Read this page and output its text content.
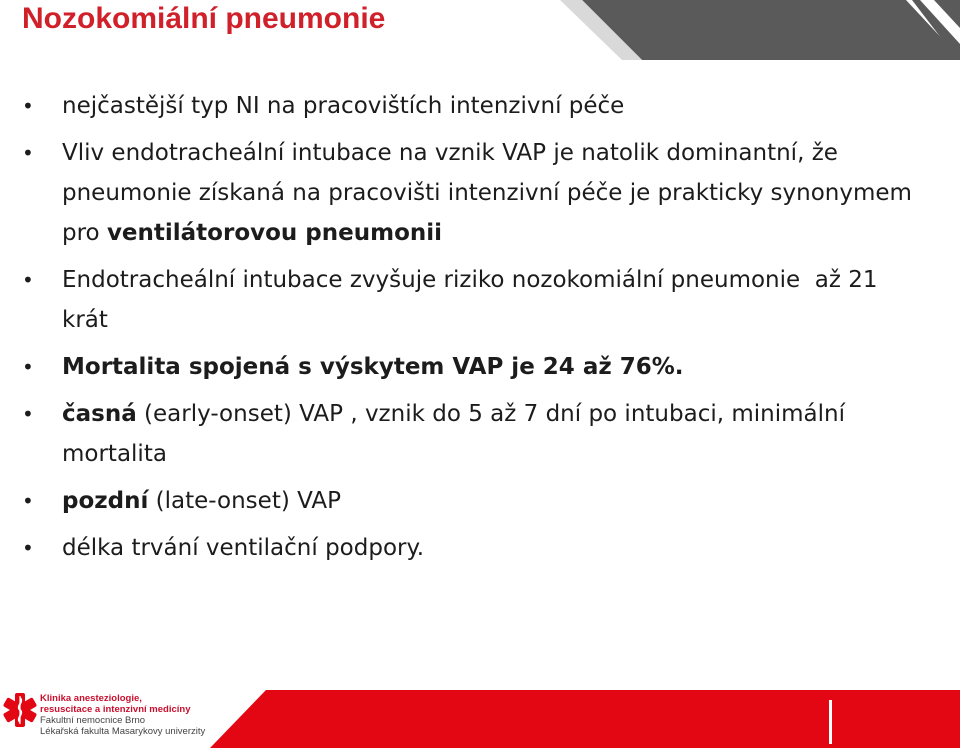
Nozokomiální pneumonie
• nejčastější typ NI na pracovištích intenzivní péče
• Vliv endotracheální intubace na vznik VAP je natolik dominantní, že pneumonie získaná na pracovišti intenzivní péče je prakticky synonymem pro ventilátorovou pneumonii
• Endotracheální intubace zvyšuje riziko nozokomiální pneumonie  až 21 krát
• Mortalita spojená s výskytem VAP je 24 až 76%.
• časná (early-onset) VAP , vznik do 5 až 7 dní po intubaci, minimální mortalita
• pozdní (late-onset) VAP
• délka trvání ventilační podpory.
Klinika anesteziologie,
resuscitace a intenzivní medicíny
Fakultní nemocnice Brno
Lékařská fakulta Masarykovy univerzity
